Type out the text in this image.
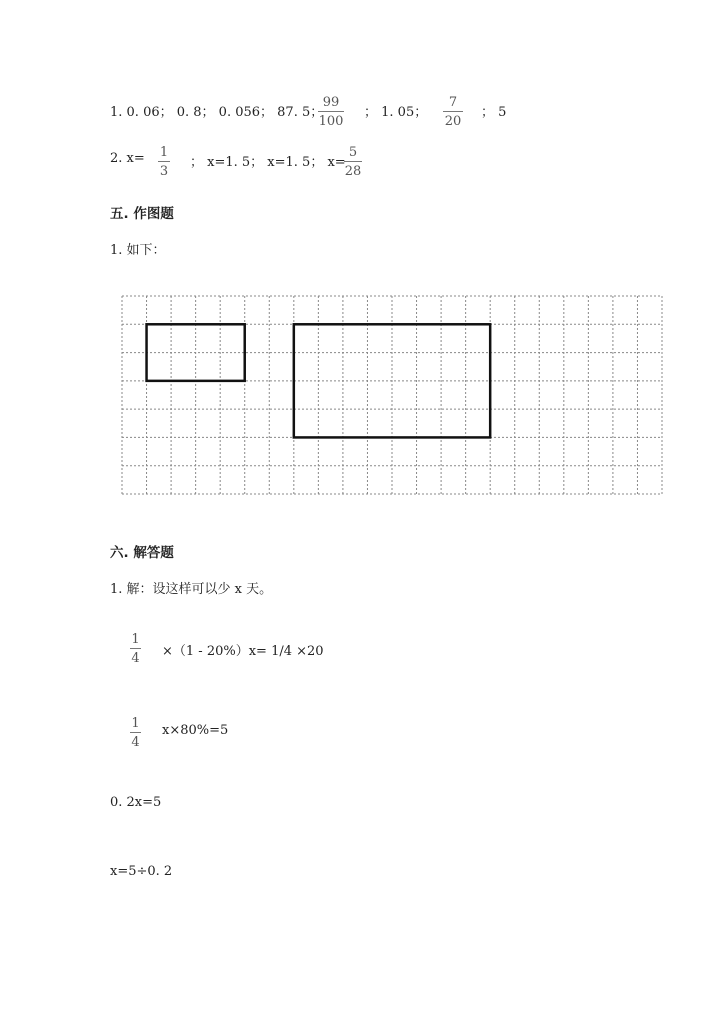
1. 0. 06； 0. 8； 0. 056； 87. 5；
99
100
； 1. 05；
7
20
； 5
2. x= 1
3
； x=1. 5； x=1. 5； x=
5
28
五. 作图题
1. 如下：
六. 解答题
1. 解：设这样可以少 x 天。
1
4 ×（1 - 20%）x= 1/4 ×20
1
4
x×80%=5
0. 2x=5
x=5÷0. 2
